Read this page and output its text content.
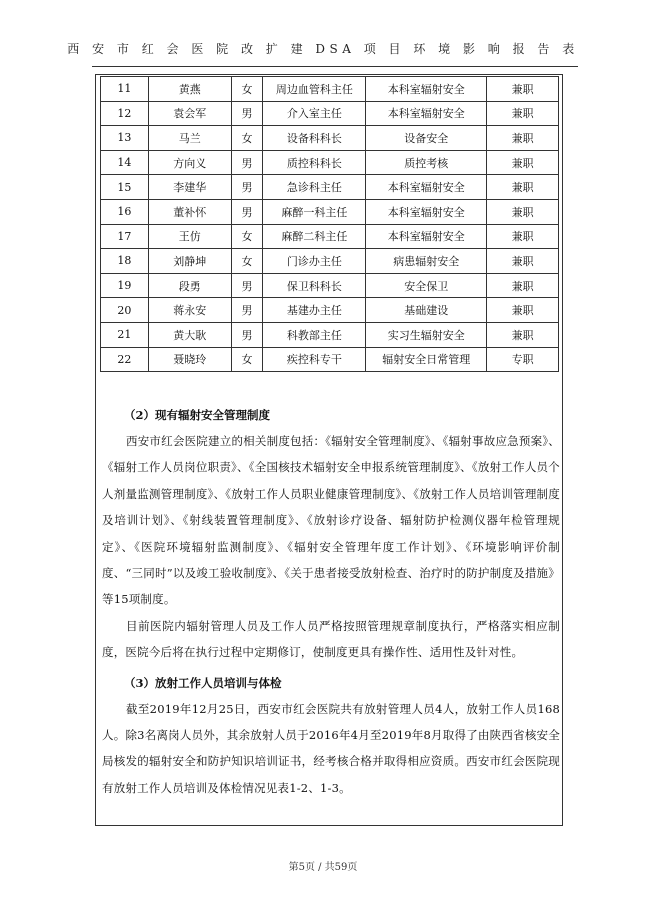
西 安 市 红 会 医 院 改 扩 建 DSA 项 目 环 境 影 响 报 告 表
11	黄燕	女	周边血管科主任	本科室辐射安全	兼职
12	袁会军	男	介入室主任	本科室辐射安全	兼职
13	马兰	女	设备科科长	设备安全	兼职
14	方向义	男	质控科科长	质控考核	兼职
15	李建华	男	急诊科主任	本科室辐射安全	兼职
16	董补怀	男	麻醉一科主任	本科室辐射安全	兼职
17	王仿	女	麻醉二科主任	本科室辐射安全	兼职
18	刘静坤	女	门诊办主任	病患辐射安全	兼职
19	段勇	男	保卫科科长	安全保卫	兼职
20	蒋永安	男	基建办主任	基础建设	兼职
21	黄大耿	男	科教部主任	实习生辐射安全	兼职
22	聂晓玲	女	疾控科专干	辐射安全日常管理	专职

（2）现有辐射安全管理制度

西安市红会医院建立的相关制度包括：《辐射安全管理制度》、《辐射事故应急预案》、《辐射工作人员岗位职责》、《全国核技术辐射安全申报系统管理制度》、《放射工作人员个人剂量监测管理制度》、《放射工作人员职业健康管理制度》、《放射工作人员培训管理制度及培训计划》、《射线装置管理制度》、《放射诊疗设备、辐射防护检测仪器年检管理规定》、《医院环境辐射监测制度》、《辐射安全管理年度工作计划》、《环境影响评价制度、“三同时”以及竣工验收制度》、《关于患者接受放射检查、治疗时的防护制度及措施》等15项制度。

目前医院内辐射管理人员及工作人员严格按照管理规章制度执行，严格落实相应制度，医院今后将在执行过程中定期修订，使制度更具有操作性、适用性及针对性。

（3）放射工作人员培训与体检

截至2019年12月25日，西安市红会医院共有放射管理人员4人，放射工作人员168人。除3名离岗人员外，其余放射人员于2016年4月至2019年8月取得了由陕西省核安全局核发的辐射安全和防护知识培训证书，经考核合格并取得相应资质。西安市红会医院现有放射工作人员培训及体检情况见表1-2、1-3。

第5页 / 共59页
